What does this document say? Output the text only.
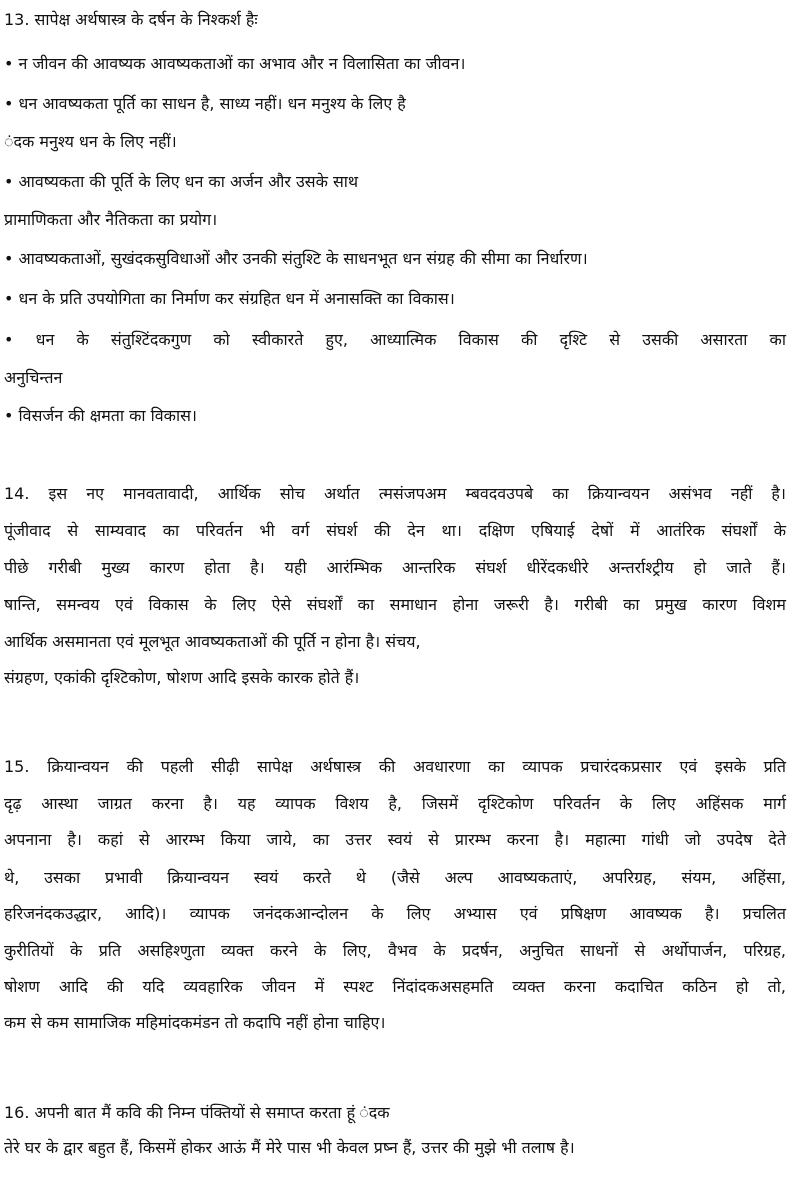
13. सापेक्ष अर्थषास्त्र के दर्षन के निश्कर्श हैः
• न जीवन की आवष्यक आवष्यकताओं का अभाव और न विलासिता का जीवन।
• धन आवष्यकता पूर्ति का साधन है, साध्य नहीं। धन मनुश्य के लिए है
ंदक मनुश्य धन के लिए नहीं।
• आवष्यकता की पूर्ति के लिए धन का अर्जन और उसके साथ
प्रामाणिकता और नैतिकता का प्रयोग।
• आवष्यकताओं, सुखंदकसुविधाओं और उनकी संतुश्टि के साधनभूत धन संग्रह की सीमा का निर्धारण।
• धन के प्रति उपयोगिता का निर्माण कर संग्रहित धन में अनासक्ति का विकास।
• धन के संतुश्टिंदकगुण को स्वीकारते हुए, आध्यात्मिक विकास की दृश्टि से उसकी असारता का
अनुचिन्तन
• विसर्जन की क्षमता का विकास।
14. इस नए मानवतावादी, आर्थिक सोच अर्थात त्मसंजपअम म्बवदवउपबे का क्रियान्वयन असंभव नहीं है।
पूंजीवाद से साम्यवाद का परिवर्तन भी वर्ग संघर्श की देन था। दक्षिण एषियाई देषों में आतंरिक संघर्शों के
पीछे गरीबी मुख्य कारण होता है। यही आरंम्भिक आन्तरिक संघर्श धीरेंदकधीरे अन्तर्राश्ट्रीय हो जाते हैं।
षान्ति, समन्वय एवं विकास के लिए ऐसे संघर्शों का समाधान होना जरूरी है। गरीबी का प्रमुख कारण विशम
आर्थिक असमानता एवं मूलभूत आवष्यकताओं की पूर्ति न होना है। संचय,
संग्रहण, एकांकी दृश्टिकोण, षोशण आदि इसके कारक होते हैं।
15. क्रियान्वयन की पहली सीढ़ी सापेक्ष अर्थषास्त्र की अवधारणा का व्यापक प्रचारंदकप्रसार एवं इसके प्रति
दृढ़ आस्था जाग्रत करना है। यह व्यापक विशय है, जिसमें दृश्टिकोण परिवर्तन के लिए अहिंसक मार्ग
अपनाना है। कहां से आरम्भ किया जाये, का उत्तर स्वयं से प्रारम्भ करना है। महात्मा गांधी जो उपदेष देते
थे, उसका प्रभावी क्रियान्वयन स्वयं करते थे (जैसे अल्प आवष्यकताएं, अपरिग्रह, संयम, अहिंसा,
हरिजनंदकउद्धार, आदि)। व्यापक जनंदकआन्दोलन के लिए अभ्यास एवं प्रषिक्षण आवष्यक है। प्रचलित
कुरीतियों के प्रति असहिश्णुता व्यक्त करने के लिए, वैभव के प्रदर्षन, अनुचित साधनों से अर्थोपार्जन, परिग्रह,
षोशण आदि की यदि व्यवहारिक जीवन में स्पश्ट निंदांदकअसहमति व्यक्त करना कदाचित कठिन हो तो,
कम से कम सामाजिक महिमांदकमंडन तो कदापि नहीं होना चाहिए।
16. अपनी बात मैं कवि की निम्न पंक्तियों से समाप्त करता हूं ंदक
तेरे घर के द्वार बहुत हैं, किसमें होकर आऊं मैं मेरे पास भी केवल प्रष्न हैं, उत्तर की मुझे भी तलाष है।
